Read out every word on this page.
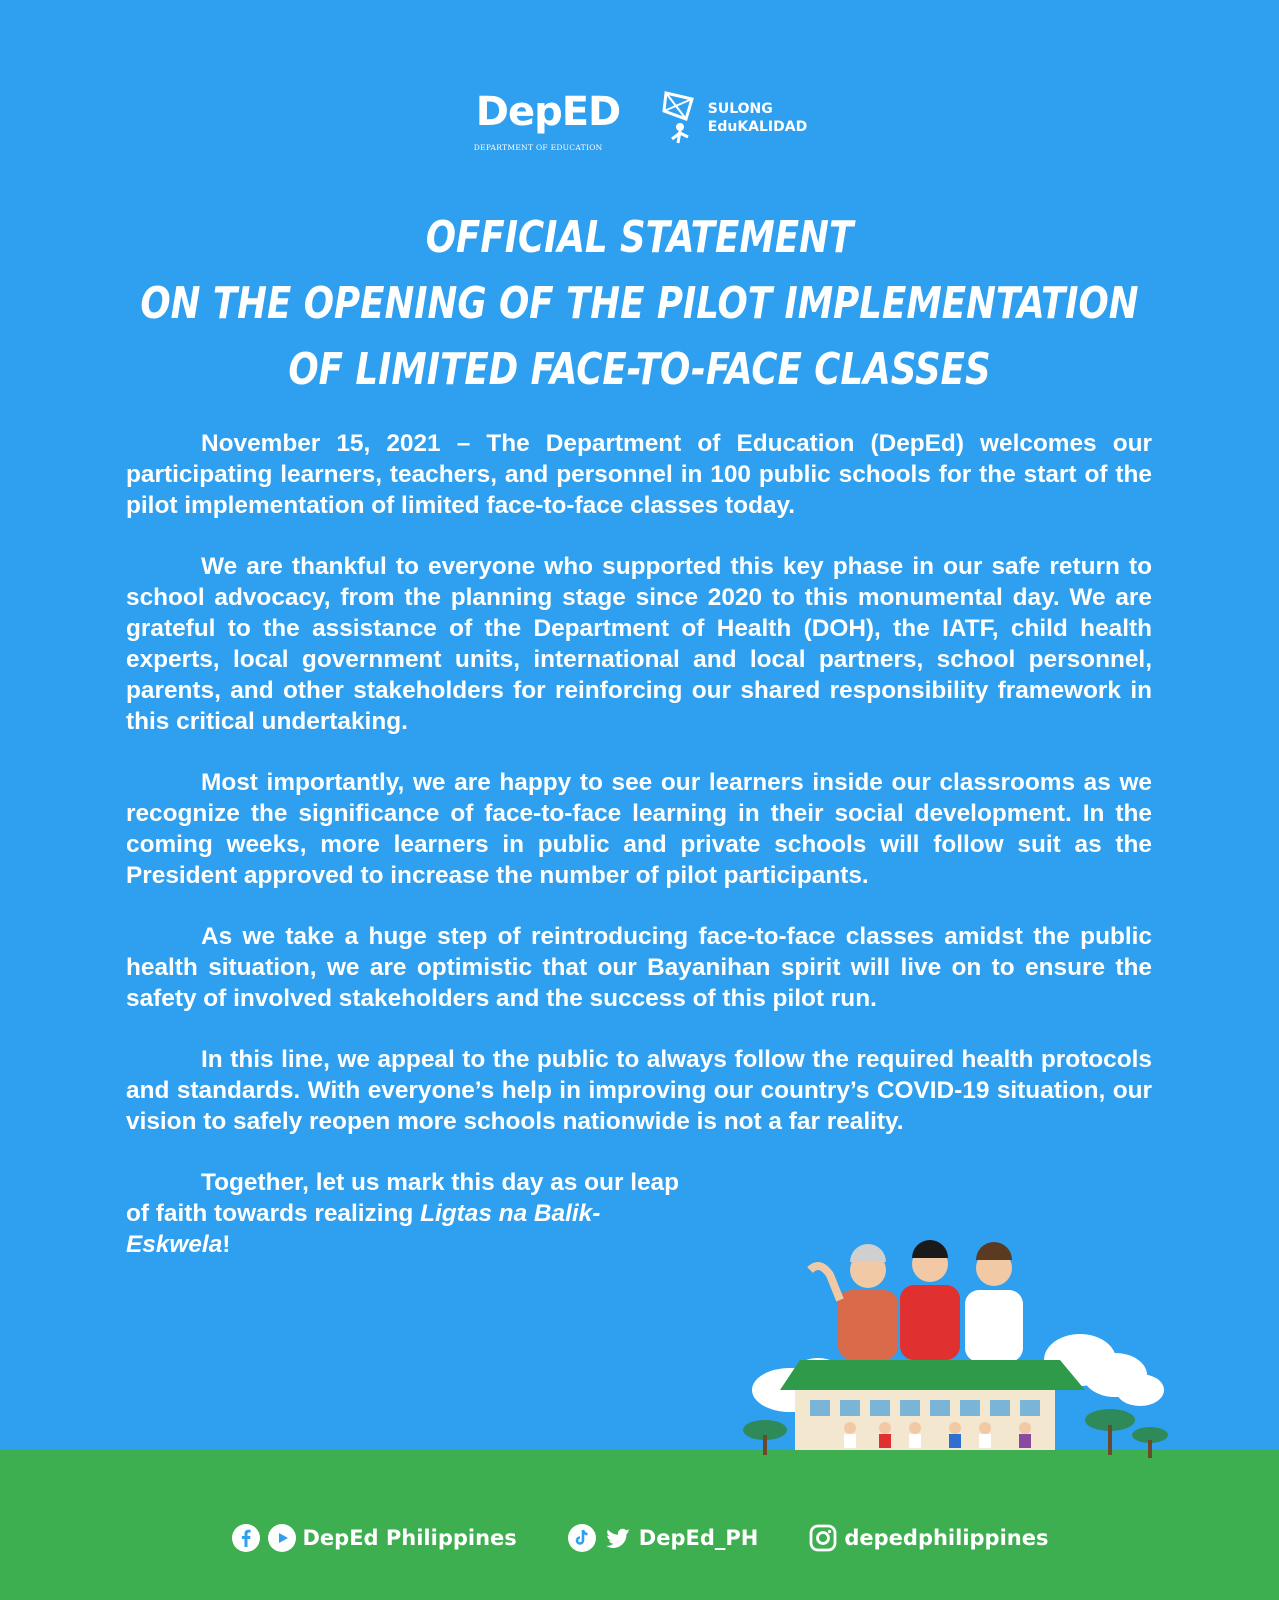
DepED
DEPARTMENT OF EDUCATION
SULONG
EduKALIDAD
OFFICIAL STATEMENT
ON THE OPENING OF THE PILOT IMPLEMENTATION
OF LIMITED FACE-TO-FACE CLASSES

November 15, 2021 – The Department of Education (DepEd) welcomes our participating learners, teachers, and personnel in 100 public schools for the start of the pilot implementation of limited face-to-face classes today.

We are thankful to everyone who supported this key phase in our safe return to school advocacy, from the planning stage since 2020 to this monumental day. We are grateful to the assistance of the Department of Health (DOH), the IATF, child health experts, local government units, international and local partners, school personnel, parents, and other stakeholders for reinforcing our shared responsibility framework in this critical undertaking.

Most importantly, we are happy to see our learners inside our classrooms as we recognize the significance of face-to-face learning in their social development. In the coming weeks, more learners in public and private schools will follow suit as the President approved to increase the number of pilot participants.

As we take a huge step of reintroducing face-to-face classes amidst the public health situation, we are optimistic that our Bayanihan spirit will live on to ensure the safety of involved stakeholders and the success of this pilot run.

In this line, we appeal to the public to always follow the required health protocols and standards. With everyone’s help in improving our country’s COVID-19 situation, our vision to safely reopen more schools nationwide is not a far reality.

Together, let us mark this day as our leap of faith towards realizing Ligtas na Balik-Eskwela!

DepEd Philippines	DepEd_PH	depedphilippines
